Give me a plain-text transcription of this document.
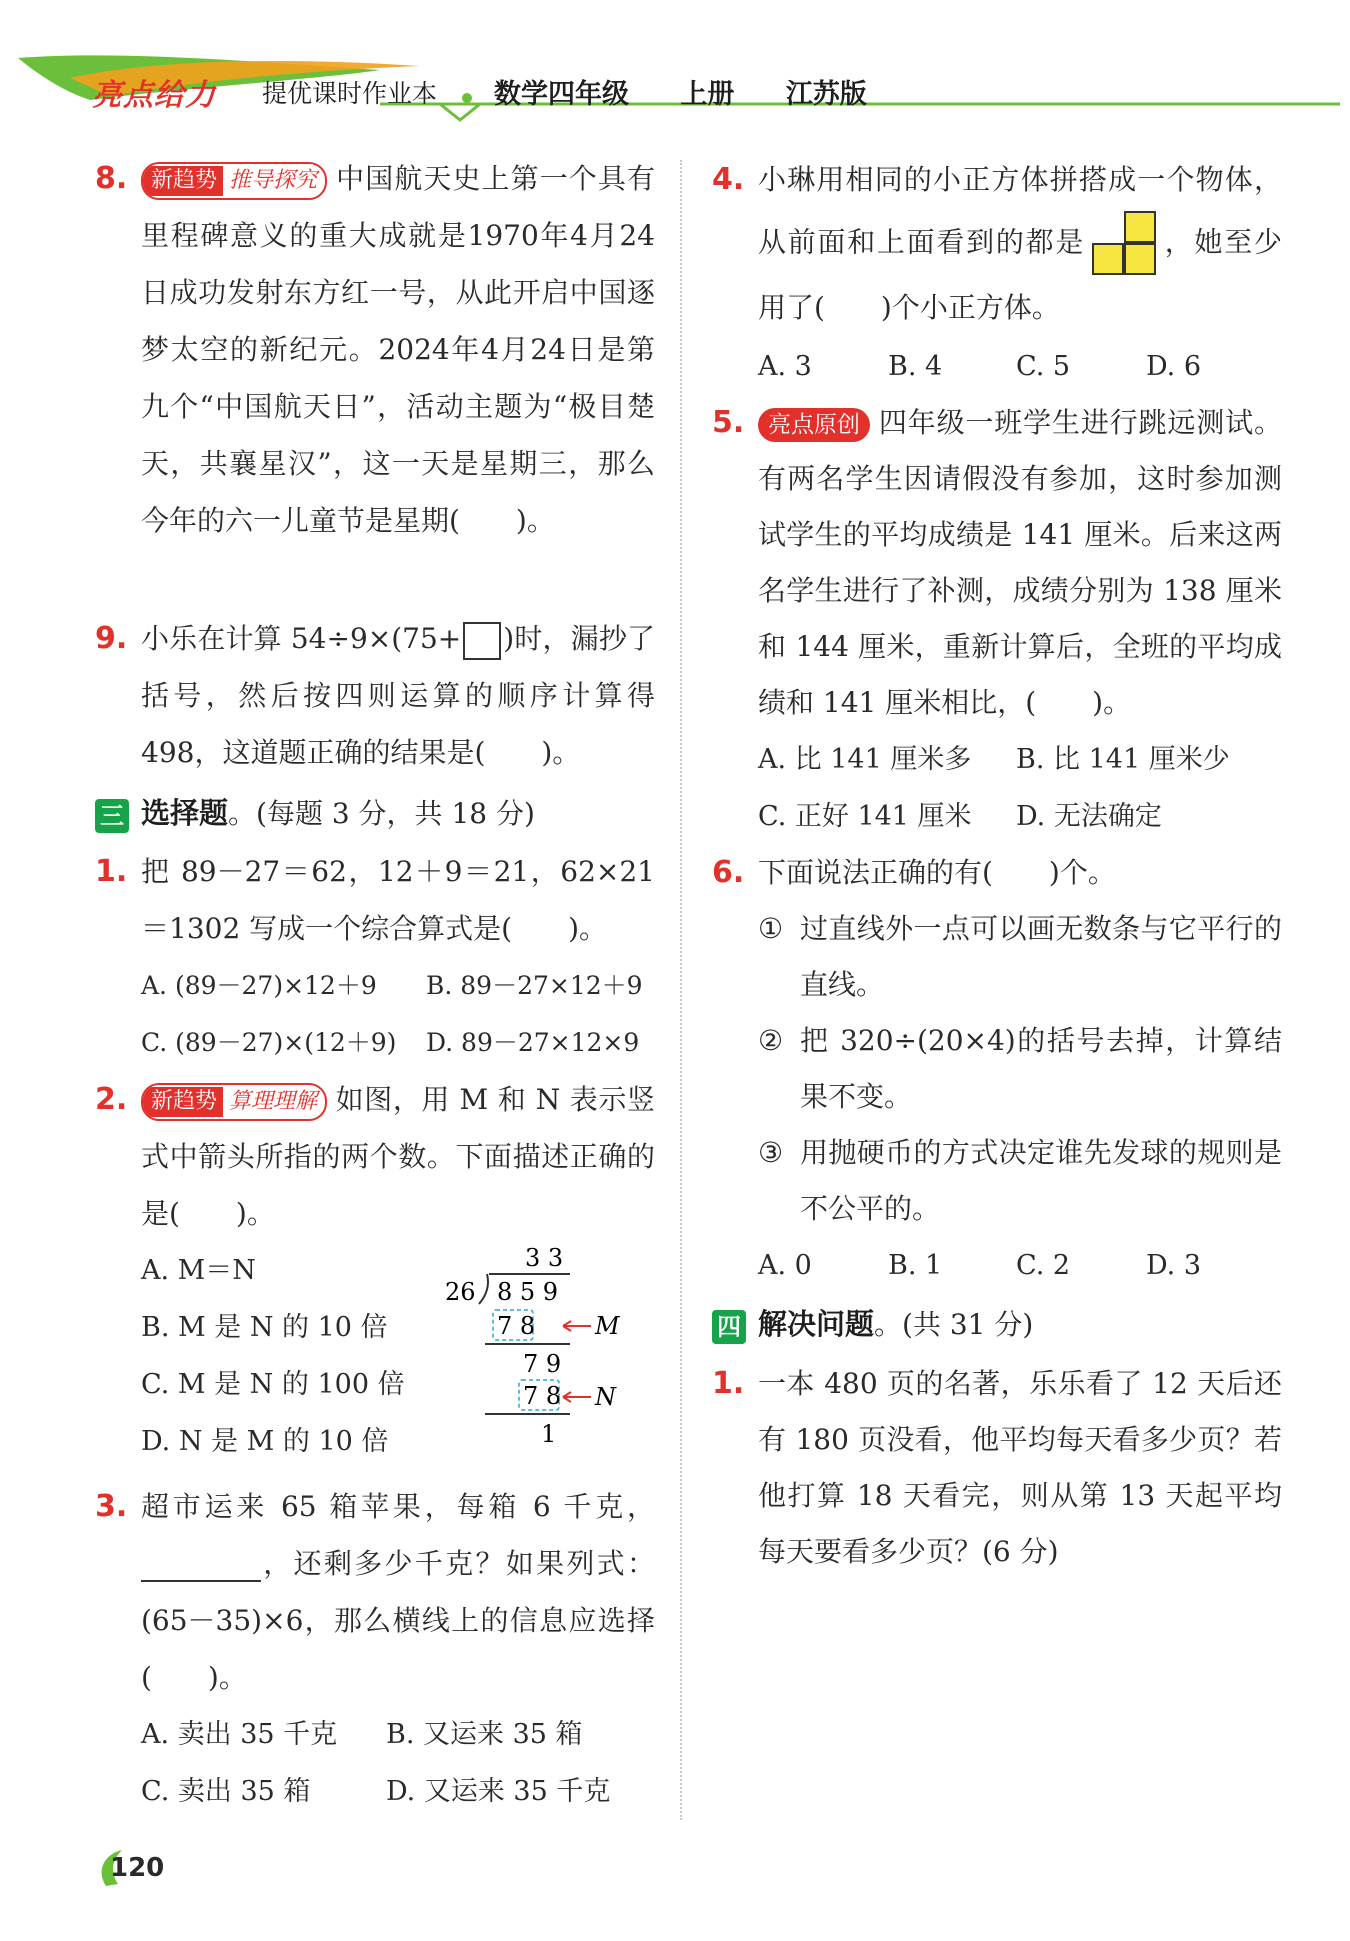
亮点给力 提优课时作业本 数学四年级 上册 江苏版
8.	新趋势 推导探究 中国航天史上第一个具有里程碑意义的重大成就是1970年4月24日成功发射东方红一号，从此开启中国逐梦太空的新纪元。2024年4月24日是第九个“中国航天日”，活动主题为“极目楚天，共襄星汉”，这一天是星期三，那么今年的六一儿童节是星期(　　)。
9. 小乐在计算 54÷9×(75+ )时，漏抄了括号，然后按四则运算的顺序计算得498，这道题正确的结果是(　　)。
三 选择题。(每题 3 分，共 18 分)
1. 把 89－27＝62，12＋9＝21，62×21＝1302 写成一个综合算式是(　　)。
A. (89－27)×12＋9	B. 89－27×12＋9
C. (89－27)×(12＋9)	D. 89－27×12×9
2.	新趋势 算理理解 如图，用 M 和 N 表示竖式中箭头所指的两个数。下面描述正确的是(　　)。
A. M＝N
B. M 是 N 的 10 倍
C. M 是 N 的 100 倍
D. N 是 M 的 10 倍
3 3
26 8 5 9
7 8 M
7 9
7 8 N
1
3. 超市运来 65 箱苹果，每箱 6 千克，，还剩多少千克？如果列式：(65－35)×6，那么横线上的信息应选择(　　)。
A. 卖出 35 千克	B. 又运来 35 箱
C. 卖出 35 箱	D. 又运来 35 千克
4. 小琳用相同的小正方体拼搭成一个物体，从前面和上面看到的都是	，她至少用了(　　)个小正方体。
A. 3	B. 4	C. 5	D. 6
5.	亮点原创 四年级一班学生进行跳远测试。有两名学生因请假没有参加，这时参加测试学生的平均成绩是 141 厘米。后来这两名学生进行了补测，成绩分别为 138 厘米和 144 厘米，重新计算后，全班的平均成绩和 141 厘米相比，(　　)。
A. 比 141 厘米多	B. 比 141 厘米少
C. 正好 141 厘米	D. 无法确定
6. 下面说法正确的有(　　)个。
① 过直线外一点可以画无数条与它平行的直线。
② 把 320÷(20×4)的括号去掉，计算结果不变。
③ 用抛硬币的方式决定谁先发球的规则是不公平的。
A. 0	B. 1	C. 2	D. 3
四 解决问题。(共 31 分)
1. 一本 480 页的名著，乐乐看了 12 天后还有 180 页没看，他平均每天看多少页？若他打算 18 天看完，则从第 13 天起平均每天要看多少页？(6 分)
120
